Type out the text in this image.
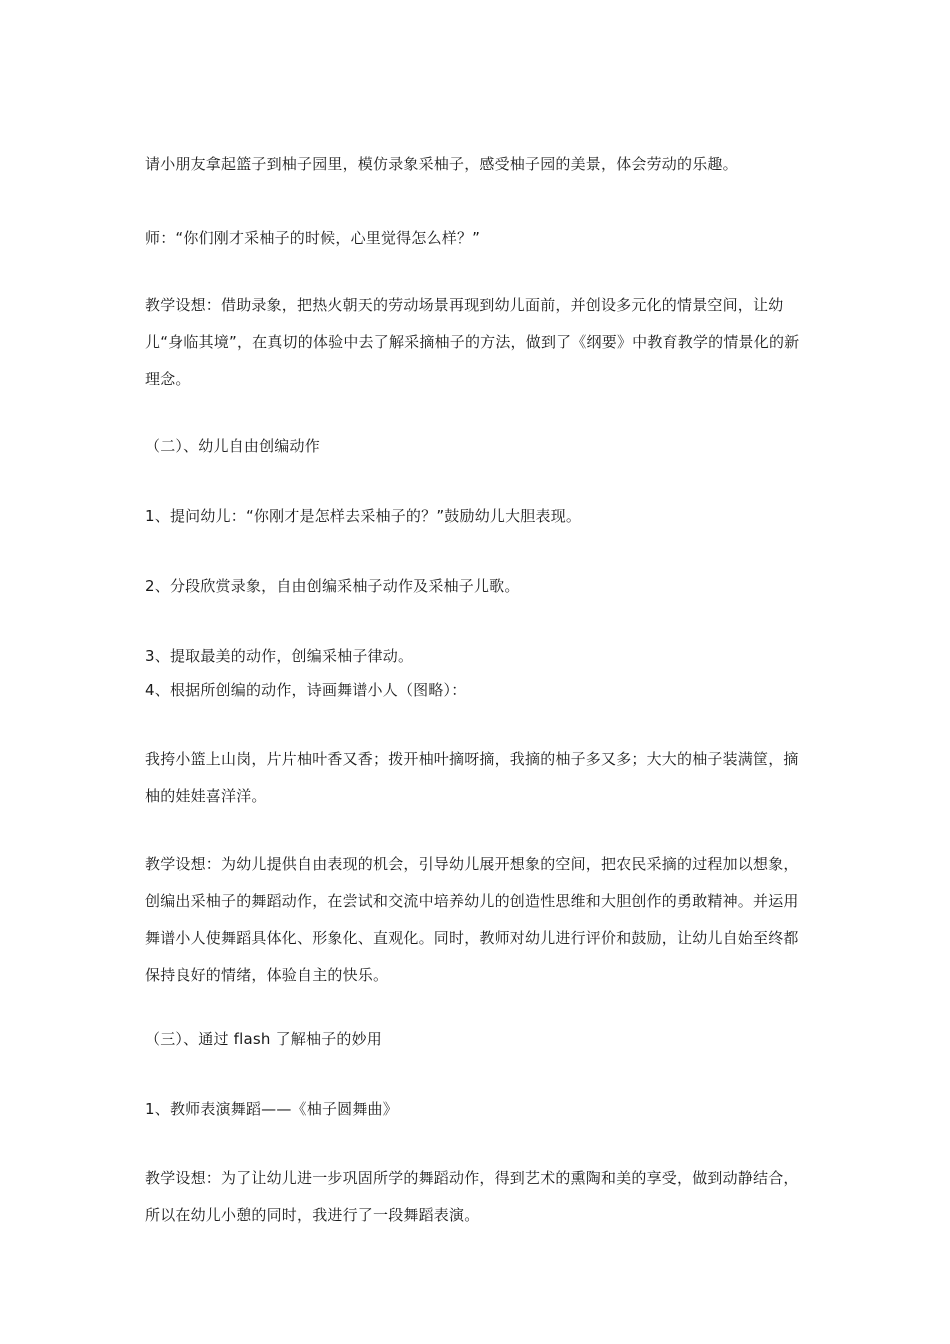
请小朋友拿起篮子到柚子园里，模仿录象采柚子，感受柚子园的美景，体会劳动的乐趣。

师：“你们刚才采柚子的时候，心里觉得怎么样？”

教学设想：借助录象，把热火朝天的劳动场景再现到幼儿面前，并创设多元化的情景空间，让幼儿“身临其境”，在真切的体验中去了解采摘柚子的方法，做到了《纲要》中教育教学的情景化的新理念。

（二）、幼儿自由创编动作

1、提问幼儿：“你刚才是怎样去采柚子的？”鼓励幼儿大胆表现。

2、分段欣赏录象，自由创编采柚子动作及采柚子儿歌。

3、提取最美的动作，创编采柚子律动。

4、根据所创编的动作，诗画舞谱小人（图略）：

我挎小篮上山岗，片片柚叶香又香；拨开柚叶摘呀摘，我摘的柚子多又多；大大的柚子装满筐，摘柚的娃娃喜洋洋。

教学设想：为幼儿提供自由表现的机会，引导幼儿展开想象的空间，把农民采摘的过程加以想象，创编出采柚子的舞蹈动作，在尝试和交流中培养幼儿的创造性思维和大胆创作的勇敢精神。并运用舞谱小人使舞蹈具体化、形象化、直观化。同时，教师对幼儿进行评价和鼓励，让幼儿自始至终都保持良好的情绪，体验自主的快乐。

（三）、通过 flash 了解柚子的妙用

1、教师表演舞蹈——《柚子圆舞曲》

教学设想：为了让幼儿进一步巩固所学的舞蹈动作，得到艺术的熏陶和美的享受，做到动静结合，所以在幼儿小憩的同时，我进行了一段舞蹈表演。
